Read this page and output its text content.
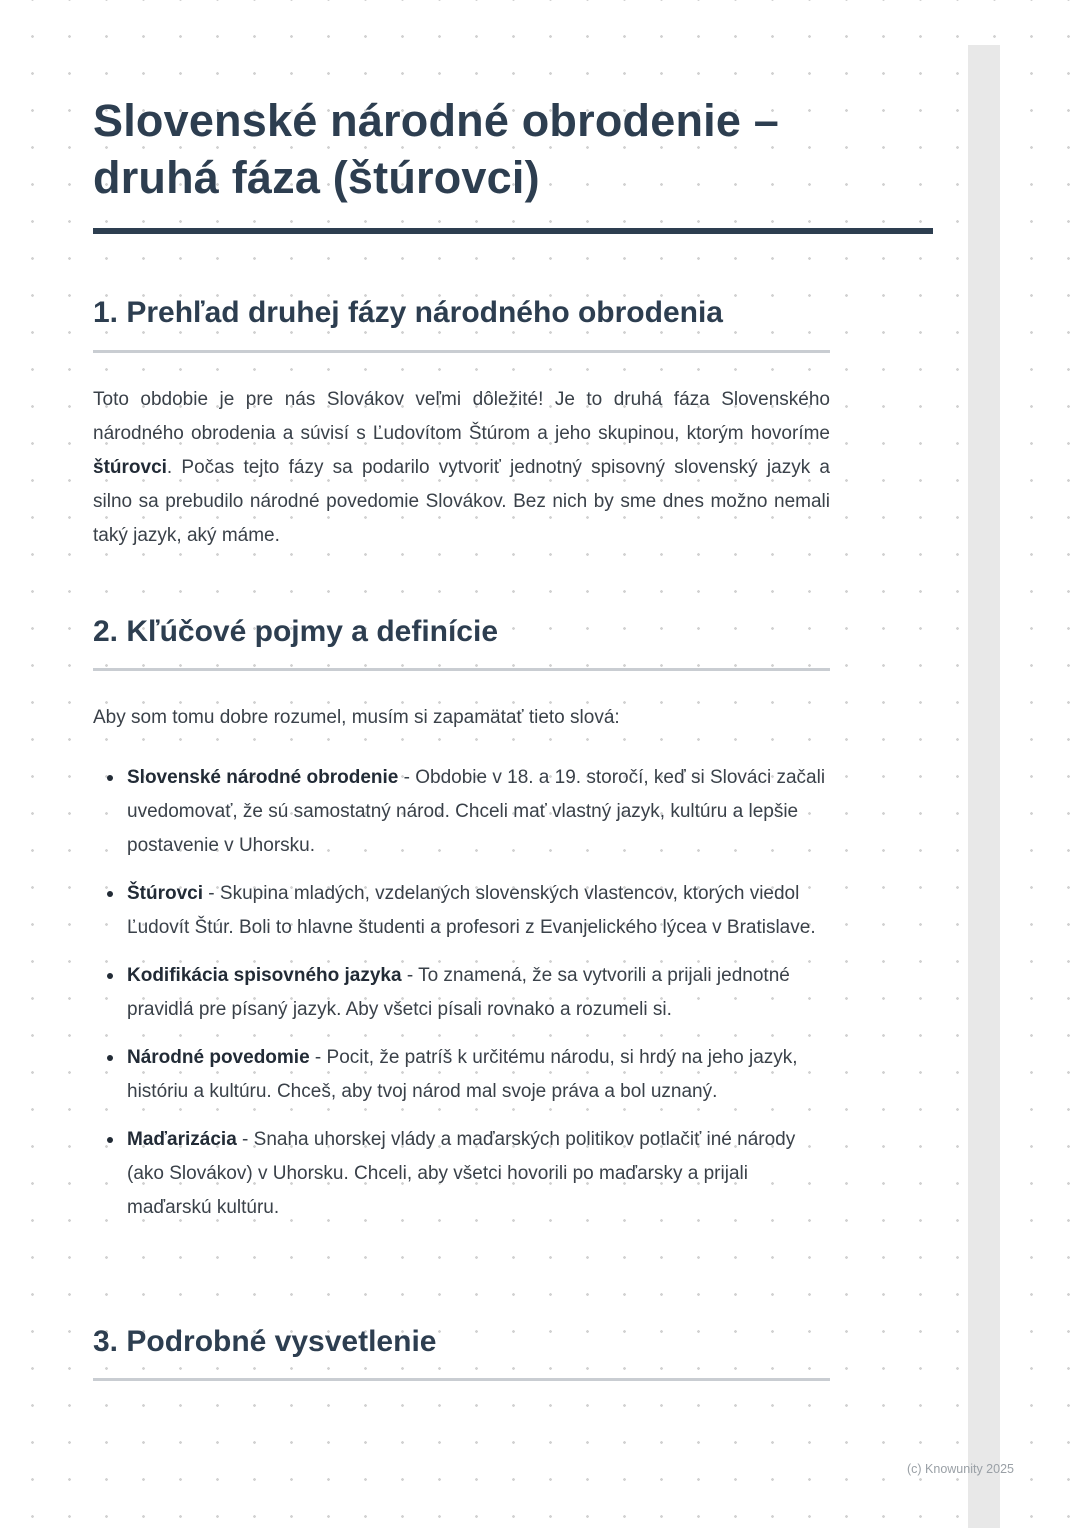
Slovenské národné obrodenie – druhá fáza (štúrovci)
1. Prehľad druhej fázy národného obrodenia

Toto obdobie je pre nás Slovákov veľmi dôležité! Je to druhá fáza Slovenského národného obrodenia a súvisí s Ľudovítom Štúrom a jeho skupinou, ktorým hovoríme štúrovci. Počas tejto fázy sa podarilo vytvoriť jednotný spisovný slovenský jazyk a silno sa prebudilo národné povedomie Slovákov. Bez nich by sme dnes možno nemali taký jazyk, aký máme.

2. Kľúčové pojmy a definície

Aby som tomu dobre rozumel, musím si zapamätať tieto slová:

Slovenské národné obrodenie - Obdobie v 18. a 19. storočí, keď si Slováci začali uvedomovať, že sú samostatný národ. Chceli mať vlastný jazyk, kultúru a lepšie postavenie v Uhorsku.
Štúrovci - Skupina mladých, vzdelaných slovenských vlastencov, ktorých viedol Ľudovít Štúr. Boli to hlavne študenti a profesori z Evanjelického lýcea v Bratislave.
Kodifikácia spisovného jazyka - To znamená, že sa vytvorili a prijali jednotné pravidlá pre písaný jazyk. Aby všetci písali rovnako a rozumeli si.
Národné povedomie - Pocit, že patríš k určitému národu, si hrdý na jeho jazyk, históriu a kultúru. Chceš, aby tvoj národ mal svoje práva a bol uznaný.
Maďarizácia - Snaha uhorskej vlády a maďarských politikov potlačiť iné národy (ako Slovákov) v Uhorsku. Chceli, aby všetci hovorili po maďarsky a prijali maďarskú kultúru.
3. Podrobné vysvetlenie
(c) Knowunity 2025
